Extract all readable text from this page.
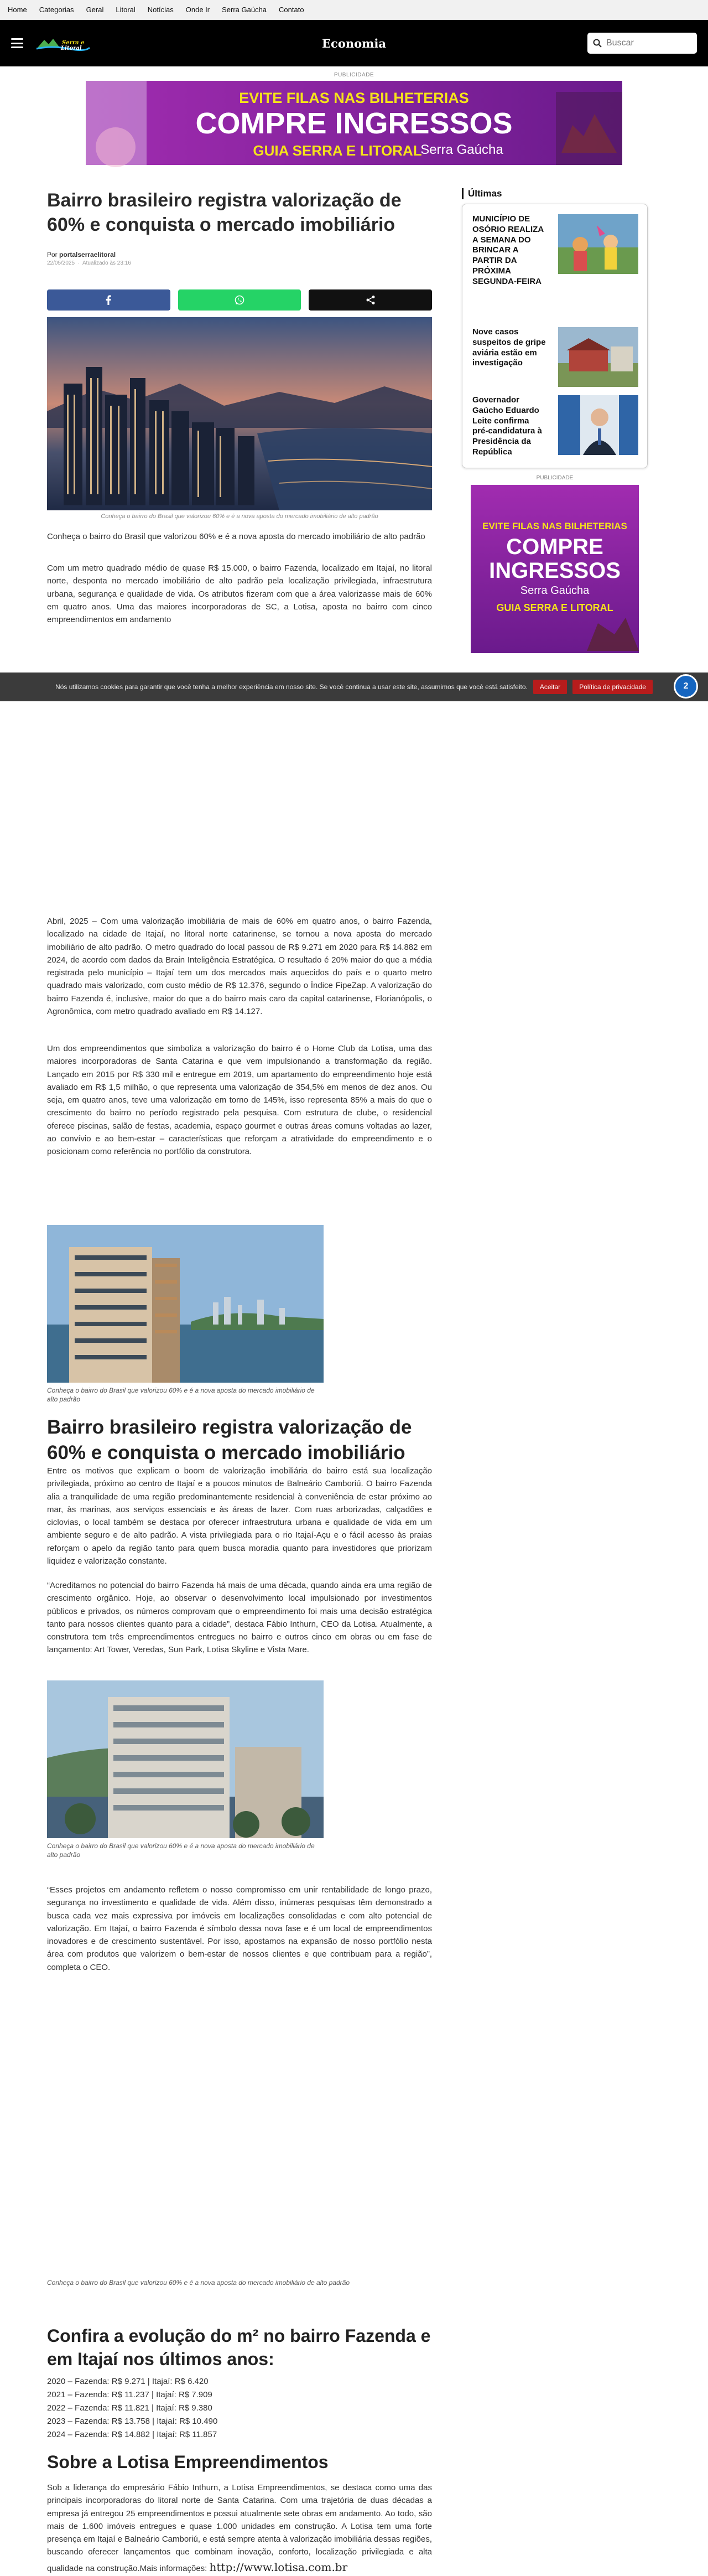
Home Categorias Geral Litoral Notícias Onde Ir Serra Gaúcha Contato
Serra e
Litoral	Economia
Buscar
PUBLICIDADE
EVITE FILAS NAS BILHETERIAS
COMPRE INGRESSOS
GUIA SERRA E LITORAL
Serra Gaúcha
Bairro brasileiro registra valorização de 60% e conquista o mercado imobiliário
Por portalserraelitoral
22/05/2025  ·  Atualizado às 23:16
Conheça o bairro do Brasil que valorizou 60% e é a nova aposta do mercado imobiliário de alto padrão

Conheça o bairro do Brasil que valorizou 60% e é a nova aposta do mercado imobiliário de alto padrão

Com um metro quadrado médio de quase R$ 15.000, o bairro Fazenda, localizado em Itajaí, no litoral norte, desponta no mercado imobiliário de alto padrão pela localização privilegiada, infraestrutura urbana, segurança e qualidade de vida. Os atributos fizeram com que a área valorizasse mais de 60% em quatro anos. Uma das maiores incorporadoras de SC, a Lotisa, aposta no bairro com cinco empreendimentos em andamento

Abril, 2025 – Com uma valorização imobiliária de mais de 60% em quatro anos, o bairro Fazenda, localizado na cidade de Itajaí, no litoral norte catarinense, se tornou a nova aposta do mercado imobiliário de alto padrão. O metro quadrado do local passou de R$ 9.271 em 2020 para R$ 14.882 em 2024, de acordo com dados da Brain Inteligência Estratégica. O resultado é 20% maior do que a média registrada pelo município – Itajaí tem um dos mercados mais aquecidos do país e o quarto metro quadrado mais valorizado, com custo médio de R$ 12.376, segundo o Índice FipeZap. A valorização do bairro Fazenda é, inclusive, maior do que a do bairro mais caro da capital catarinense, Florianópolis, o Agronômica, com metro quadrado avaliado em R$ 14.127.

Um dos empreendimentos que simboliza a valorização do bairro é o Home Club da Lotisa, uma das maiores incorporadoras de Santa Catarina e que vem impulsionando a transformação da região. Lançado em 2015 por R$ 330 mil e entregue em 2019, um apartamento do empreendimento hoje está avaliado em R$ 1,5 milhão, o que representa uma valorização de 354,5% em menos de dez anos. Ou seja, em quatro anos, teve uma valorização em torno de 145%, isso representa 85% a mais do que o crescimento do bairro no período registrado pela pesquisa. Com estrutura de clube, o residencial oferece piscinas, salão de festas, academia, espaço gourmet e outras áreas comuns voltadas ao lazer, ao convívio e ao bem-estar – características que reforçam a atratividade do empreendimento e o posicionam como referência no portfólio da construtora.

Conheça o bairro do Brasil que valorizou 60% e é a nova aposta do mercado imobiliário de alto padrão
Bairro brasileiro registra valorização de 60% e conquista o mercado imobiliário

Entre os motivos que explicam o boom de valorização imobiliária do bairro está sua localização privilegiada, próximo ao centro de Itajaí e a poucos minutos de Balneário Camboriú. O bairro Fazenda alia a tranquilidade de uma região predominantemente residencial à conveniência de estar próximo ao mar, às marinas, aos serviços essenciais e às áreas de lazer. Com ruas arborizadas, calçadões e ciclovias, o local também se destaca por oferecer infraestrutura urbana e qualidade de vida em um ambiente seguro e de alto padrão. A vista privilegiada para o rio Itajaí-Açu e o fácil acesso às praias reforçam o apelo da região tanto para quem busca moradia quanto para investidores que priorizam liquidez e valorização constante.

“Acreditamos no potencial do bairro Fazenda há mais de uma década, quando ainda era uma região de crescimento orgânico. Hoje, ao observar o desenvolvimento local impulsionado por investimentos públicos e privados, os números comprovam que o empreendimento foi mais uma decisão estratégica tanto para nossos clientes quanto para a cidade”, destaca Fábio Inthurn, CEO da Lotisa. Atualmente, a construtora tem três empreendimentos entregues no bairro e outros cinco em obras ou em fase de lançamento: Art Tower, Veredas, Sun Park, Lotisa Skyline e Vista Mare.

Conheça o bairro do Brasil que valorizou 60% e é a nova aposta do mercado imobiliário de alto padrão

“Esses projetos em andamento refletem o nosso compromisso em unir rentabilidade de longo prazo, segurança no investimento e qualidade de vida. Além disso, inúmeras pesquisas têm demonstrado a busca cada vez mais expressiva por imóveis em localizações consolidadas e com alto potencial de valorização. Em Itajaí, o bairro Fazenda é símbolo dessa nova fase e é um local de empreendimentos inovadores e de crescimento sustentável. Por isso, apostamos na expansão de nosso portfólio nesta área com produtos que valorizem o bem-estar de nossos clientes e que contribuam para a região”, completa o CEO.

Conheça o bairro do Brasil que valorizou 60% e é a nova aposta do mercado imobiliário de alto padrão
Confira a evolução do m² no bairro Fazenda e em Itajaí nos últimos anos:
2020 – Fazenda: R$ 9.271 | Itajaí: R$ 6.420
2021 – Fazenda: R$ 11.237 | Itajaí: R$ 7.909
2022 – Fazenda: R$ 11.821 | Itajaí: R$ 9.380
2023 – Fazenda: R$ 13.758 | Itajaí: R$ 10.490
2024 – Fazenda: R$ 14.882 | Itajaí: R$ 11.857
Sobre a Lotisa Empreendimentos

Sob a liderança do empresário Fábio Inthurn, a Lotisa Empreendimentos, se destaca como uma das principais incorporadoras do litoral norte de Santa Catarina. Com uma trajetória de duas décadas a empresa já entregou 25 empreendimentos e possui atualmente sete obras em andamento. Ao todo, são mais de 1.600 imóveis entregues e quase 1.000 unidades em construção. A Lotisa tem uma forte presença em Itajaí e Balneário Camboriú, e está sempre atenta à valorização imobiliária dessas regiões, buscando oferecer lançamentos que combinam inovação, conforto, localização privilegiada e alta qualidade na construção.Mais informações: http://www.lotisa.com.br

Últimas
MUNICÍPIO DE OSÓRIO REALIZA A SEMANA DO BRINCAR A PARTIR DA PRÓXIMA SEGUNDA-FEIRA
Nove casos suspeitos de gripe aviária estão em investigação
Governador Gaúcho Eduardo Leite confirma pré-candidatura à Presidência da República
PUBLICIDADE
EVITE FILAS NAS BILHETERIAS
COMPRE
INGRESSOS
Serra Gaúcha
GUIA SERRA E LITORAL
Nós utilizamos cookies para garantir que você tenha a melhor experiência em nosso site. Se você continua a usar este site, assumimos que você está satisfeito.	Aceitar	Política de privacidade	2
